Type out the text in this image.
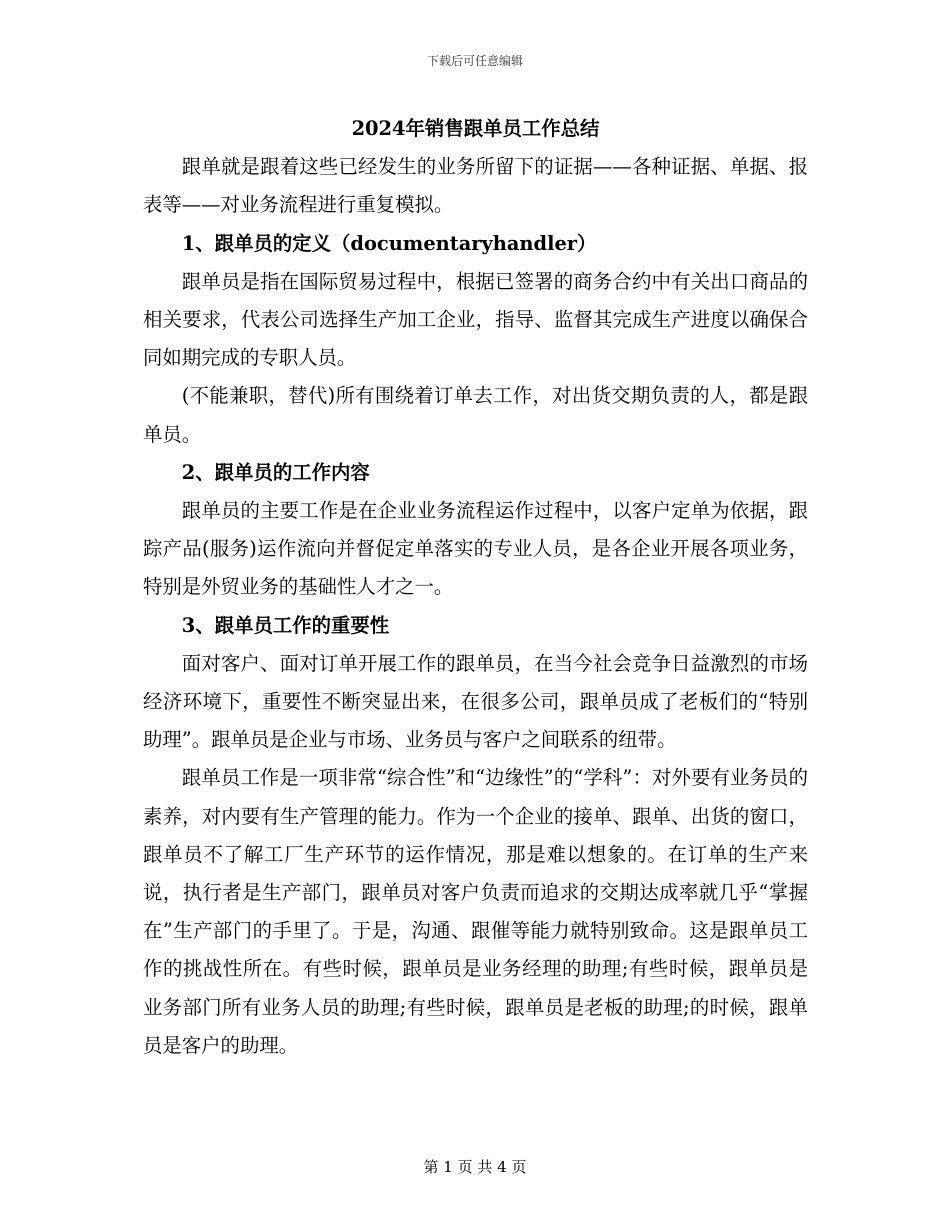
下载后可任意编辑

2024年销售跟单员工作总结

跟单就是跟着这些已经发生的业务所留下的证据——各种证据、单据、报表等——对业务流程进行重复模拟。

1、跟单员的定义（documentaryhandler）

跟单员是指在国际贸易过程中，根据已签署的商务合约中有关出口商品的相关要求，代表公司选择生产加工企业，指导、监督其完成生产进度以确保合同如期完成的专职人员。

(不能兼职，替代)所有围绕着订单去工作，对出货交期负责的人，都是跟单员。

2、跟单员的工作内容

跟单员的主要工作是在企业业务流程运作过程中，以客户定单为依据，跟踪产品(服务)运作流向并督促定单落实的专业人员，是各企业开展各项业务，特别是外贸业务的基础性人才之一。

3、跟单员工作的重要性

面对客户、面对订单开展工作的跟单员，在当今社会竞争日益激烈的市场经济环境下，重要性不断突显出来，在很多公司，跟单员成了老板们的“特别助理”。跟单员是企业与市场、业务员与客户之间联系的纽带。

跟单员工作是一项非常“综合性”和“边缘性”的“学科”：对外要有业务员的素养，对内要有生产管理的能力。作为一个企业的接单、跟单、出货的窗口，跟单员不了解工厂生产环节的运作情况，那是难以想象的。在订单的生产来说，执行者是生产部门，跟单员对客户负责而追求的交期达成率就几乎“掌握在”生产部门的手里了。于是，沟通、跟催等能力就特别致命。这是跟单员工作的挑战性所在。有些时候，跟单员是业务经理的助理;有些时候，跟单员是业务部门所有业务人员的助理;有些时候，跟单员是老板的助理;的时候，跟单员是客户的助理。

第 1 页 共 4 页
